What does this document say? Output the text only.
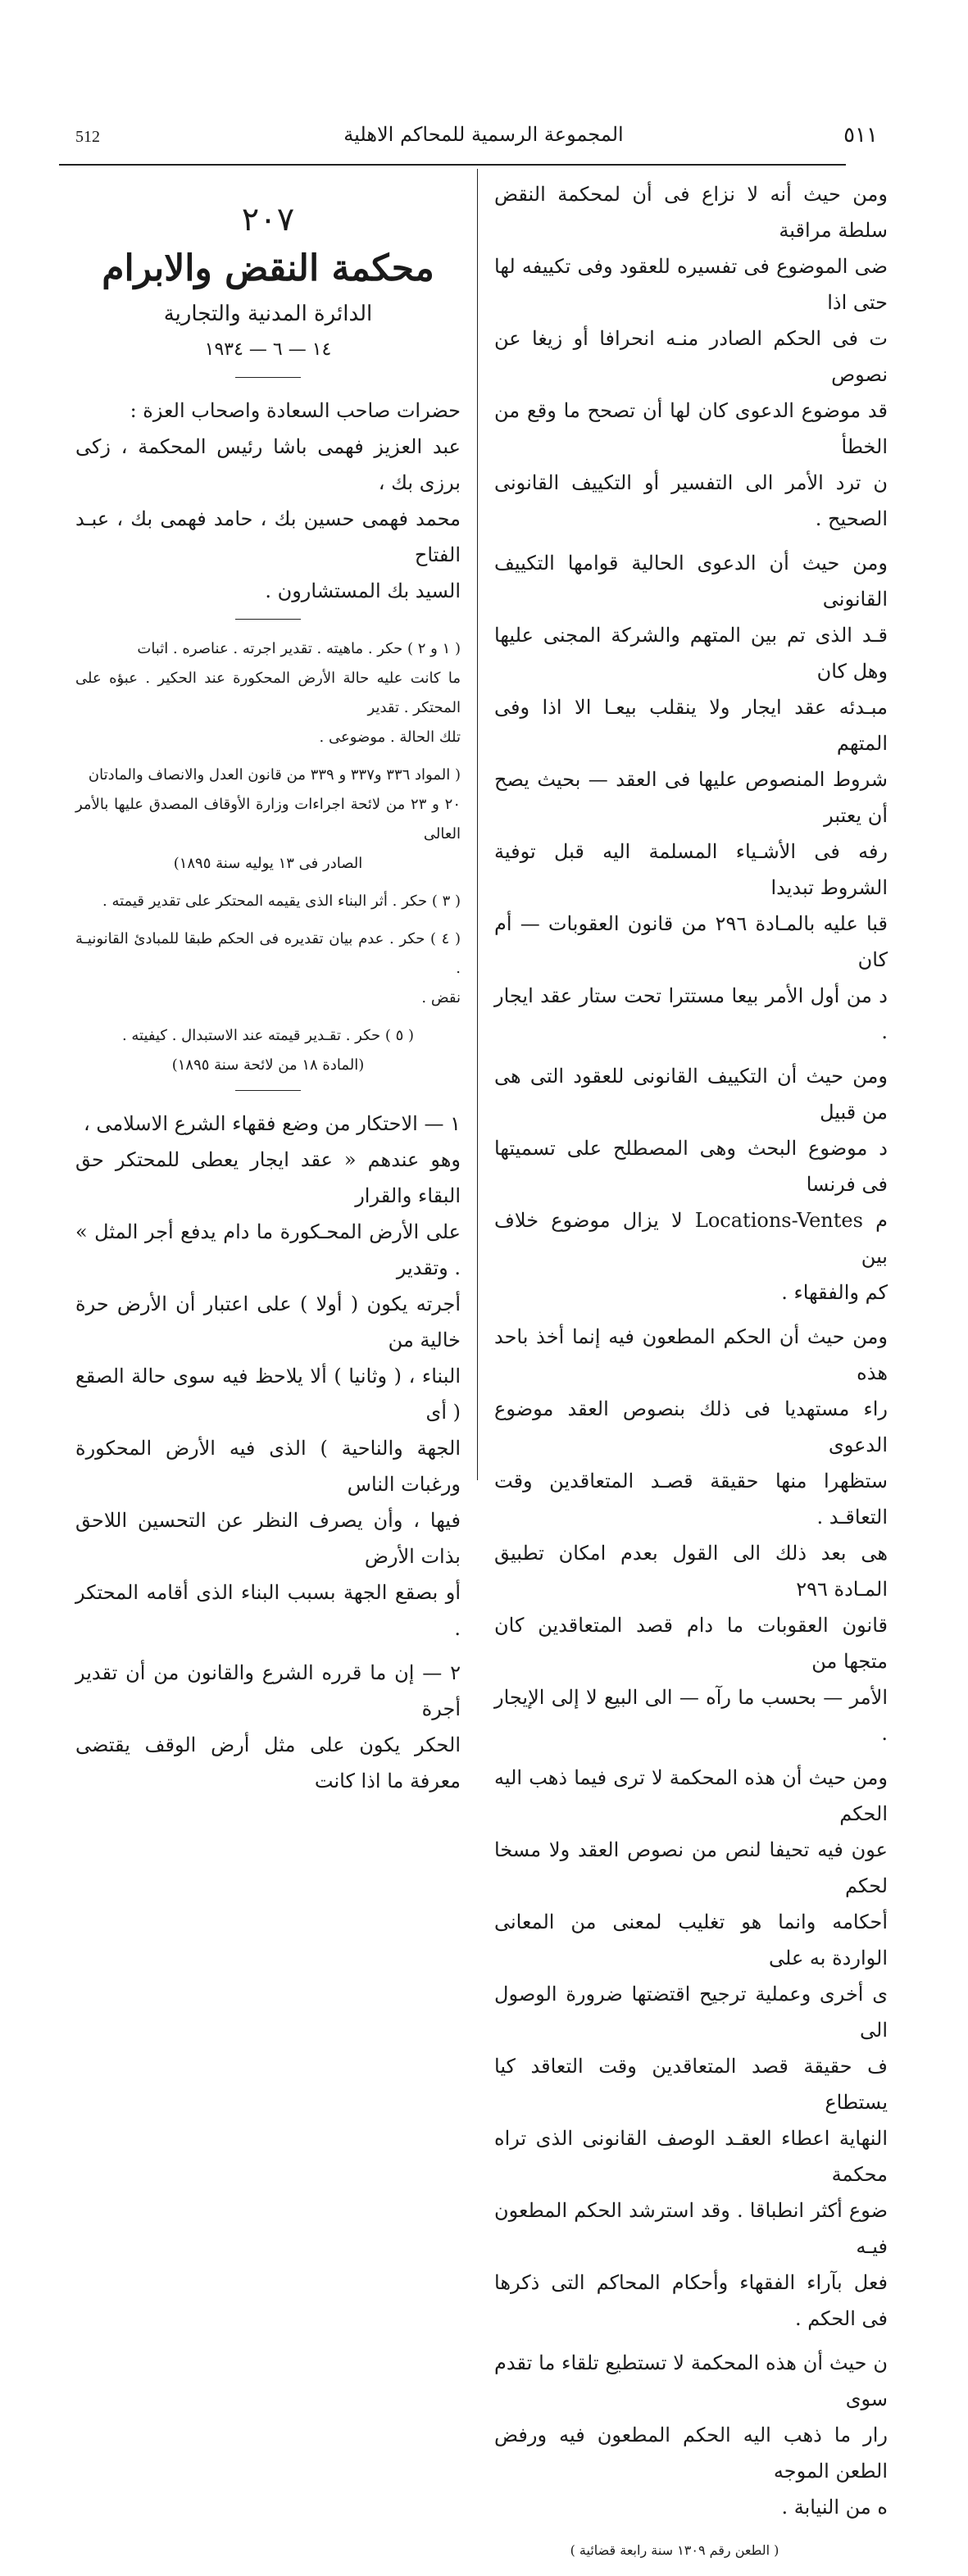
512	المجموعة الرسمية للمحاكم الاهلية	٥١١
٢٠٧
محكمة النقض والابرام
الدائرة المدنية والتجارية
١٤ — ٦ — ١٩٣٤

حضرات صاحب السعادة واصحاب العزة :

عبد العزيز فهمى باشا رئيس المحكمة ، زكى برزى بك ،

محمد فهمى حسين بك ، حامد فهمى بك ، عبـد الفتاح

السيد بك المستشارون .

( ١ و ٢ ) حكر . ماهيته . تقدير اجرته . عناصره . اثبات

ما كانت عليه حالة الأرض المحكورة عند الحكير . عبؤه على المحتكر . تقدير

تلك الحالة . موضوعى .

( المواد ٣٣٦ و٣٣٧ و ٣٣٩ من قانون العدل والانصاف والمادتان

٢٠ و ٢٣ من لائحة اجراءات وزارة الأوقاف المصدق عليها بالأمر العالى

الصادر فى ١٣ يوليه سنة ١٨٩٥)

( ٣ ) حكر . أثر البناء الذى يقيمه المحتكر على تقدير قيمته .

( ٤ ) حكر . عدم بيان تقديره فى الحكم طبقا للمبادئ القانونيـة .

نقض .

( ٥ ) حكر . تقـدير قيمته عند الاستبدال . كيفيته .

(المادة ١٨ من لائحة سنة ١٨٩٥)

١ — الاحتكار من وضع فقهاء الشرع الاسلامى ،

وهو عندهم « عقد ايجار يعطى للمحتكر حق البقاء والقرار

على الأرض المحـكورة ما دام يدفع أجر المثل » . وتقدير

أجرته يكون ( أولا ) على اعتبار أن الأرض حرة خالية من

البناء ، ( وثانيا ) ألا يلاحظ فيه سوى حالة الصقع ( أى

الجهة والناحية ) الذى فيه الأرض المحكورة ورغبات الناس

فيها ، وأن يصرف النظر عن التحسين اللاحق بذات الأرض

أو بصقع الجهة بسبب البناء الذى أقامه المحتكر .

٢ — إن ما قرره الشرع والقانون من أن تقدير أجرة

الحكر يكون على مثل أرض الوقف يقتضى معرفة ما اذا كانت

ومن حيث أنه لا نزاع فى أن لمحكمة النقض سلطة مراقبة

ضى الموضوع فى تفسيره للعقود وفى تكييفه لها حتى اذا

ت فى الحكم الصادر منـه انحرافا أو زيغا عن نصوص

قد موضوع الدعوى كان لها أن تصحح ما وقع من الخطأ

ن ترد الأمر الى التفسير أو التكييف القانونى الصحيح .

ومن حيث أن الدعوى الحالية قوامها التكييف القانونى

قـد الذى تم بين المتهم والشركة المجنى عليها وهل كان

مبـدئه عقد ايجار ولا ينقلب بيعـا الا اذا وفى المتهم

شروط المنصوص عليها فى العقد — بحيث يصح أن يعتبر

رفه فى الأشـياء المسلمة اليه قبل توفية الشروط تبديدا

قبا عليه بالمـادة ٢٩٦ من قانون العقوبات — أم كان

د من أول الأمر بيعا مستترا تحت ستار عقد ايجار .

ومن حيث أن التكييف القانونى للعقود التى هى من قبيل

د موضوع البحث وهى المصطلح على تسميتها فى فرنسا

م Locations-Ventes لا يزال موضوع خلاف بين

كم والفقهاء .

ومن حيث أن الحكم المطعون فيه إنما أخذ باحد هذه

راء مستهديا فى ذلك بنصوص العقد موضوع الدعوى

ستظهرا منها حقيقة قصـد المتعاقدين وقت التعاقـد .

هى بعد ذلك الى القول بعدم امكان تطبيق المـادة ٢٩٦

قانون العقوبات ما دام قصد المتعاقدين كان متجها من

الأمر — بحسب ما رآه — الى البيع لا إلى الإيجار .

ومن حيث أن هذه المحكمة لا ترى فيما ذهب اليه الحكم

عون فيه تحيفا لنص من نصوص العقد ولا مسخا لحكم

أحكامه وانما هو تغليب لمعنى من المعانى الواردة به على

ى أخرى وعملية ترجيح اقتضتها ضرورة الوصول الى

ف حقيقة قصد المتعاقدين وقت التعاقد كيا يستطاع

النهاية اعطاء العقـد الوصف القانونى الذى تراه محكمة

ضوع أكثر انطباقا . وقد استرشد الحكم المطعون فيـه

فعل بآراء الفقهاء وأحكام المحاكم التى ذكرها فى الحكم .

ن حيث أن هذه المحكمة لا تستطيع تلقاء ما تقدم سوى

رار ما ذهب اليه الحكم المطعون فيه ورفض الطعن الموجه

ه من النيابة .

( الطعن رقم ١٣٠٩ سنة رابعة قضائية )
